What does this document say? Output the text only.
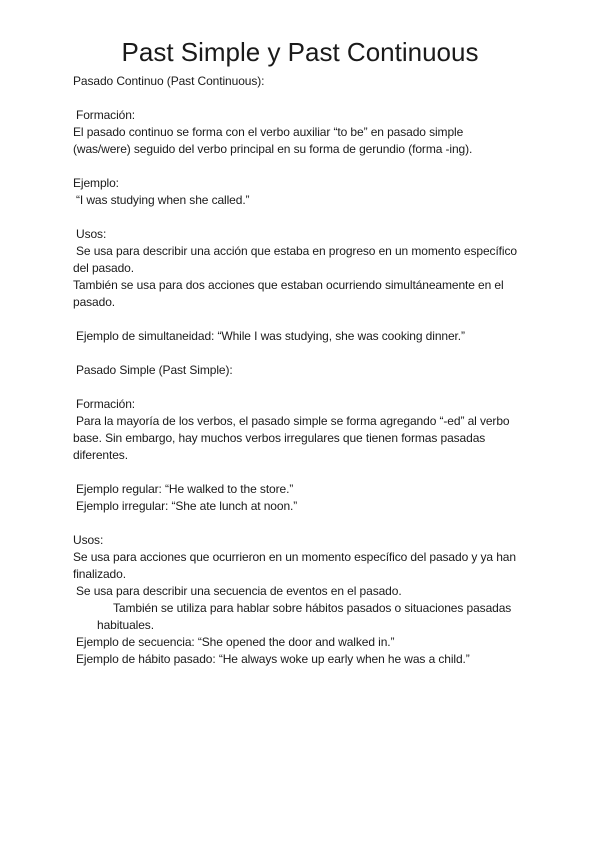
Past Simple y Past Continuous

Pasado Continuo (Past Continuous):

Formación:

El pasado continuo se forma con el verbo auxiliar “to be” en pasado simple

(was/were) seguido del verbo principal en su forma de gerundio (forma -ing).

Ejemplo:

“I was studying when she called.”

Usos:

Se usa para describir una acción que estaba en progreso en un momento específico

del pasado.

También se usa para dos acciones que estaban ocurriendo simultáneamente en el

pasado.

Ejemplo de simultaneidad: “While I was studying, she was cooking dinner.”

Pasado Simple (Past Simple):

Formación:

Para la mayoría de los verbos, el pasado simple se forma agregando “-ed” al verbo

base. Sin embargo, hay muchos verbos irregulares que tienen formas pasadas

diferentes.

Ejemplo regular: “He walked to the store.”

Ejemplo irregular: “She ate lunch at noon.”

Usos:

Se usa para acciones que ocurrieron en un momento específico del pasado y ya han

finalizado.

Se usa para describir una secuencia de eventos en el pasado.

También se utiliza para hablar sobre hábitos pasados o situaciones pasadas

habituales.

Ejemplo de secuencia: “She opened the door and walked in.”

Ejemplo de hábito pasado: “He always woke up early when he was a child.”
